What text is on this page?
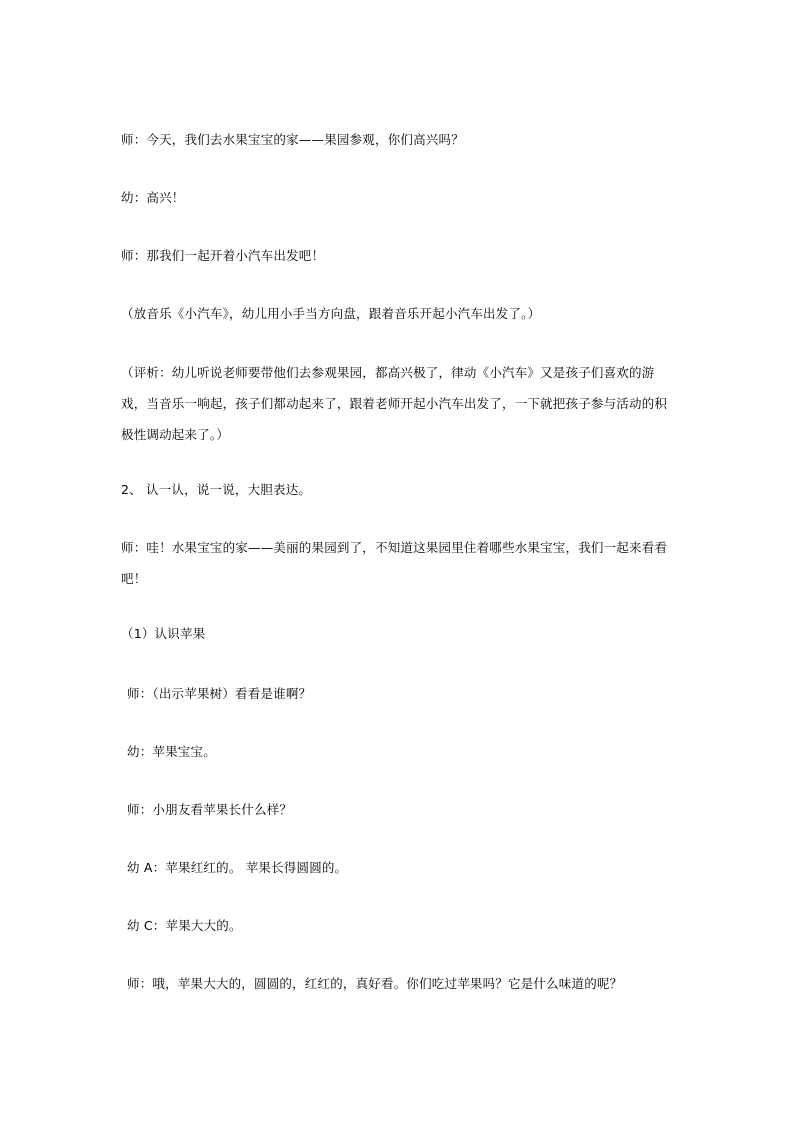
师：今天，我们去水果宝宝的家——果园参观，你们高兴吗？
幼：高兴！
师：那我们一起开着小汽车出发吧！
（放音乐《小汽车》，幼儿用小手当方向盘，跟着音乐开起小汽车出发了。）
（评析：幼儿听说老师要带他们去参观果园，都高兴极了，律动《小汽车》又是孩子们喜欢的游戏，当音乐一响起，孩子们都动起来了，跟着老师开起小汽车出发了，一下就把孩子参与活动的积极性调动起来了。）
2、 认一认，说一说，大胆表达。
师：哇！水果宝宝的家——美丽的果园到了，不知道这果园里住着哪些水果宝宝，我们一起来看看吧！
（1）认识苹果
师：（出示苹果树）看看是谁啊？
幼：苹果宝宝。
师：小朋友看苹果长什么样？
幼 A：苹果红红的。 苹果长得圆圆的。
幼 C：苹果大大的。
师：哦，苹果大大的，圆圆的，红红的，真好看。你们吃过苹果吗？它是什么味道的呢？
